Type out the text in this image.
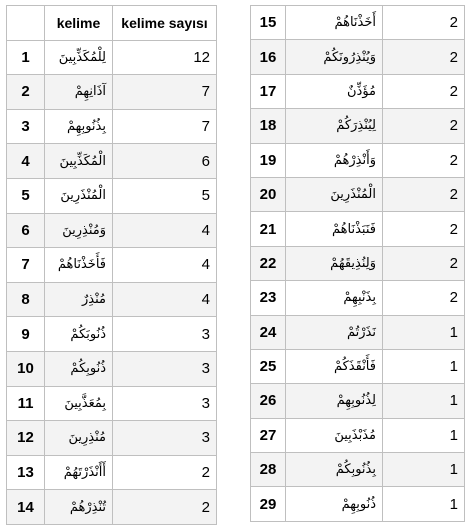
	kelime	kelime sayısı
1	لِلْمُكَذِّبِينَ	12
2	آذَانِهِمْ	7
3	بِذُنُوبِهِمْ	7
4	الْمُكَذِّبِينَ	6
5	الْمُنْذَرِينَ	5
6	وَمُنْذِرِينَ	4
7	فَأَخَذْنَاهُمْ	4
8	مُنْذِرٌ	4
9	ذُنُوبَكُمْ	3
10	ذُنُوبِكُمْ	3
11	بِمُعَذَّبِينَ	3
12	مُنْذِرِينَ	3
13	أَأَنْذَرْتَهُمْ	2
14	تُنْذِرْهُمْ	2
15	أَخَذْنَاهُمْ	2
16	وَيُنْذِرُونَكُمْ	2
17	مُؤَذِّنٌ	2
18	لِيُنْذِرَكُمْ	2
19	وَأَنْذِرْهُمْ	2
20	الْمُنْذَرِينَ	2
21	فَنَبَذْنَاهُمْ	2
22	وَلِنُذِيقَهُمْ	2
23	بِذَنْبِهِمْ	2
24	نَذَرْتُمْ	1
25	فَأَنْقَذَكُمْ	1
26	لِذُنُوبِهِمْ	1
27	مُذَبْذَبِينَ	1
28	بِذُنُوبِكُمْ	1
29	ذُنُوبِهِمْ	1
